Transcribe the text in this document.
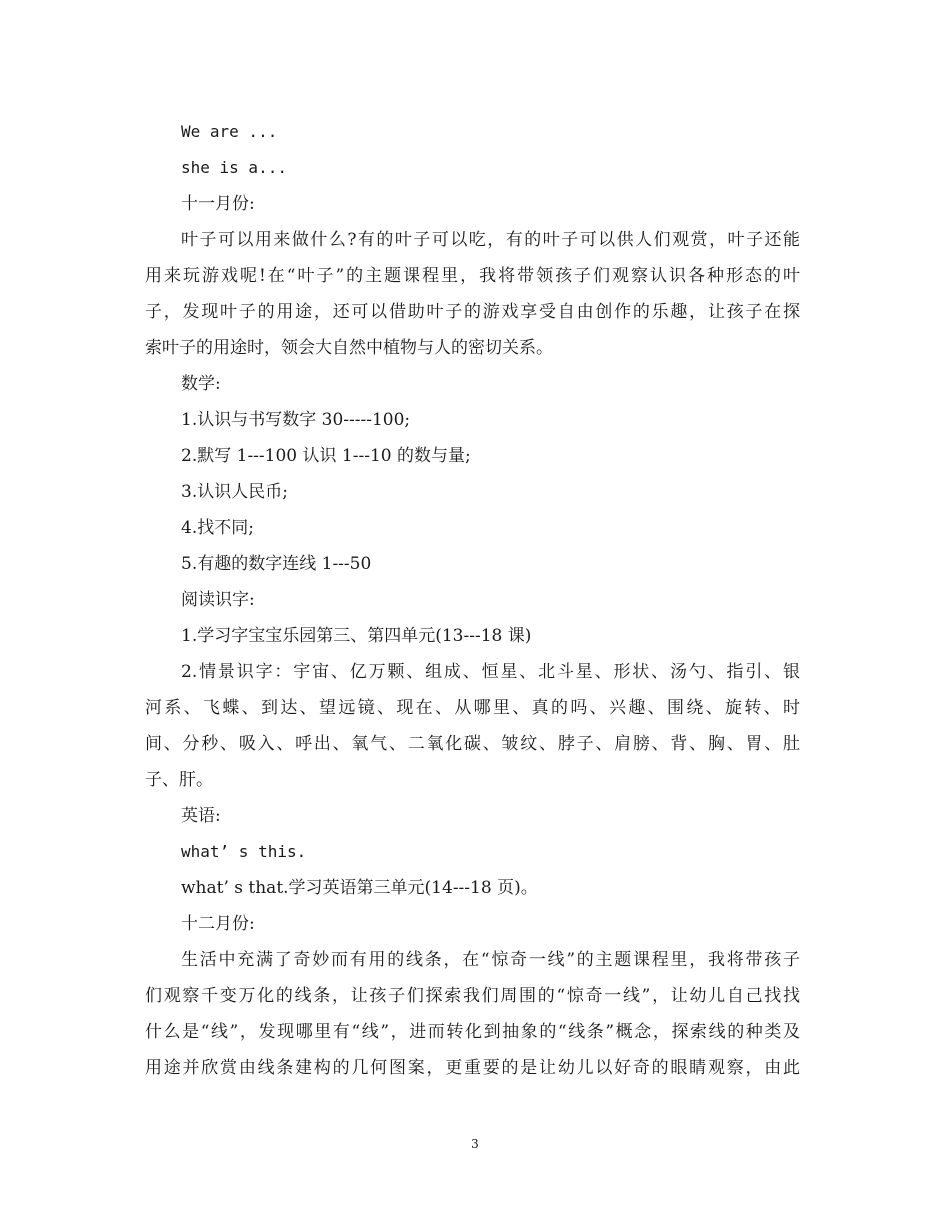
We are ...
she is a...
十一月份:
叶子可以用来做什么?有的叶子可以吃，有的叶子可以供人们观赏，叶子还能
用来玩游戏呢!在“叶子”的主题课程里，我将带领孩子们观察认识各种形态的叶
子，发现叶子的用途，还可以借助叶子的游戏享受自由创作的乐趣，让孩子在探
索叶子的用途时，领会大自然中植物与人的密切关系。
数学:
1.认识与书写数字 30-----100;
2.默写 1---100 认识 1---10 的数与量;
3.认识人民币;
4.找不同;
5.有趣的数字连线 1---50
阅读识字:
1.学习字宝宝乐园第三、第四单元(13---18 课)
2.情景识字：宇宙、亿万颗、组成、恒星、北斗星、形状、汤勺、指引、银
河系、飞蝶、到达、望远镜、现在、从哪里、真的吗、兴趣、围绕、旋转、时
间、分秒、吸入、呼出、氧气、二氧化碳、皱纹、脖子、肩膀、背、胸、胃、肚
子、肝。
英语:
what’ s this.
what’ s that.学习英语第三单元(14---18 页)。
十二月份:
生活中充满了奇妙而有用的线条，在“惊奇一线”的主题课程里，我将带孩子
们观察千变万化的线条，让孩子们探索我们周围的“惊奇一线”，让幼儿自己找找
什么是“线”，发现哪里有“线”，进而转化到抽象的“线条”概念，探索线的种类及
用途并欣赏由线条建构的几何图案，更重要的是让幼儿以好奇的眼睛观察，由此
3
